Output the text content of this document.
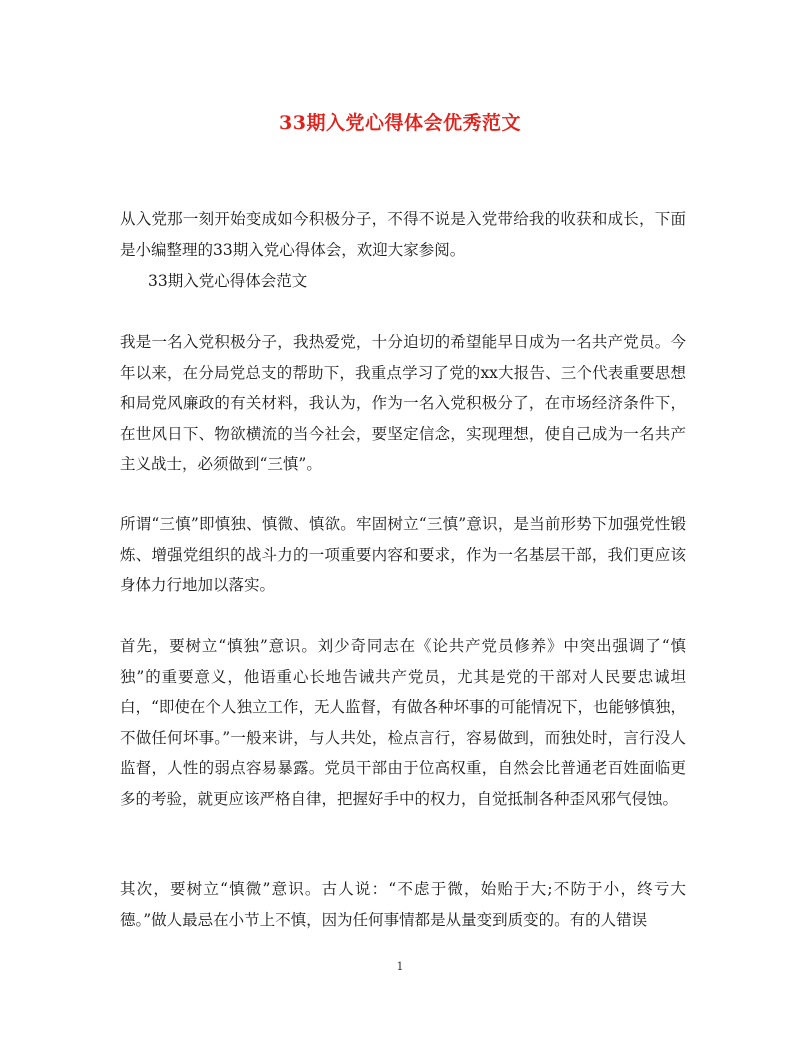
33期入党心得体会优秀范文

从入党那一刻开始变成如今积极分子，不得不说是入党带给我的收获和成长，下面是小编整理的33期入党心得体会，欢迎大家参阅。

33期入党心得体会范文

我是一名入党积极分子，我热爱党，十分迫切的希望能早日成为一名共产党员。今年以来，在分局党总支的帮助下，我重点学习了党的xx大报告、三个代表重要思想和局党风廉政的有关材料，我认为，作为一名入党积极分了，在市场经济条件下，在世风日下、物欲横流的当今社会，要坚定信念，实现理想，使自己成为一名共产主义战士，必须做到“三慎”。

所谓“三慎”即慎独、慎微、慎欲。牢固树立“三慎”意识，是当前形势下加强党性锻炼、增强党组织的战斗力的一项重要内容和要求，作为一名基层干部，我们更应该身体力行地加以落实。

首先，要树立“慎独”意识。刘少奇同志在《论共产党员修养》中突出强调了“慎独”的重要意义，他语重心长地告诫共产党员，尤其是党的干部对人民要忠诚坦白，“即使在个人独立工作，无人监督，有做各种坏事的可能情况下，也能够慎独，不做任何坏事。”一般来讲，与人共处，检点言行，容易做到，而独处时，言行没人监督，人性的弱点容易暴露。党员干部由于位高权重，自然会比普通老百姓面临更多的考验，就更应该严格自律，把握好手中的权力，自觉抵制各种歪风邪气侵蚀。

其次，要树立“慎微”意识。古人说：“不虑于微，始贻于大;不防于小，终亏大德。”做人最忌在小节上不慎，因为任何事情都是从量变到质变的。有的人错误

1
